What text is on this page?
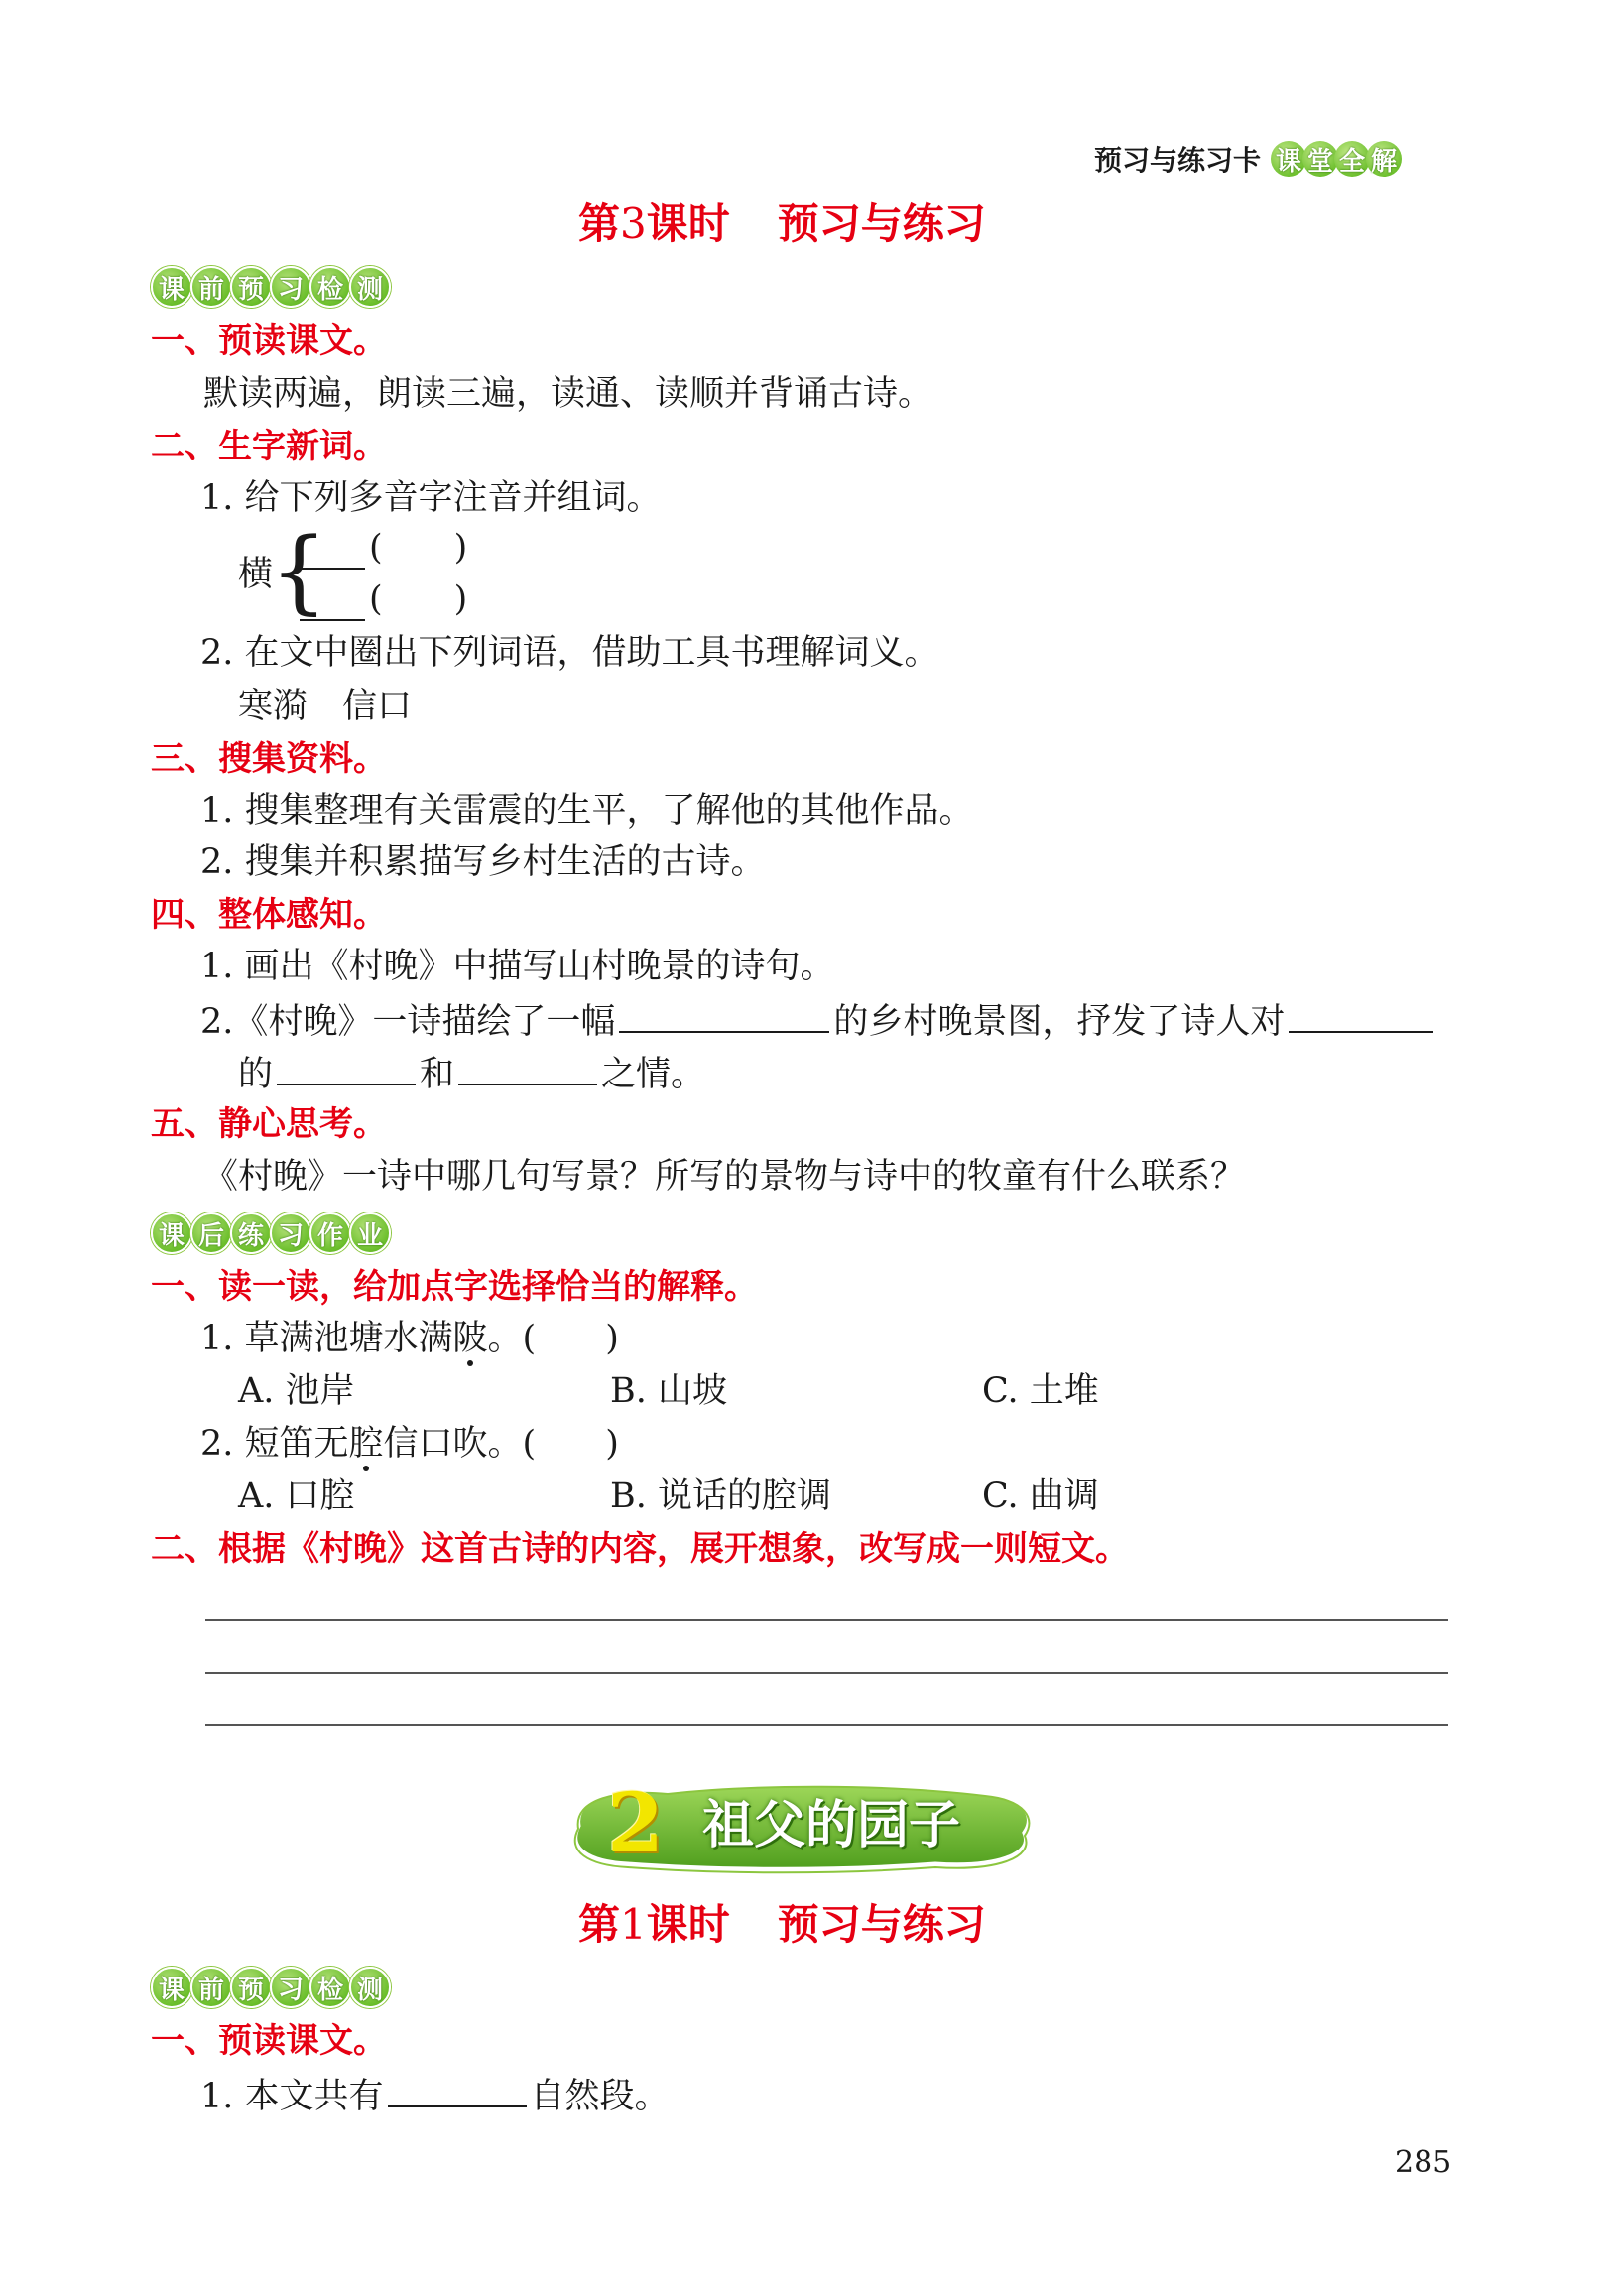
预习与练习卡 课 堂 全 解
第3课时 预习与练习
课 前 预 习 检 测
一、预读课文。
默读两遍，朗读三遍，读通、读顺并背诵古诗。
二、生字新词。
1. 给下列多音字注音并组词。
横
{ ( )
( )
2. 在文中圈出下列词语，借助工具书理解词义。
寒漪　信口
三、搜集资料。
1. 搜集整理有关雷震的生平，了解他的其他作品。
2. 搜集并积累描写乡村生活的古诗。
四、整体感知。
1. 画出《村晚》中描写山村晚景的诗句。
2.《村晚》一诗描绘了一幅	的乡村晚景图，抒发了诗人对
的	和	之情。
五、静心思考。
《村晚》一诗中哪几句写景？所写的景物与诗中的牧童有什么联系？
课 后 练 习 作 业
一、读一读，给加点字选择恰当的解释。
1. 草满池塘水满陂。(　　)
A. 池岸	B. 山坡	C. 土堆
2. 短笛无腔信口吹。(　　)
A. 口腔	B. 说话的腔调	C. 曲调
二、根据《村晚》这首古诗的内容，展开想象，改写成一则短文。
2 祖父的园子
第1课时 预习与练习
课 前 预 习 检 测
一、预读课文。
1. 本文共有	自然段。
285
